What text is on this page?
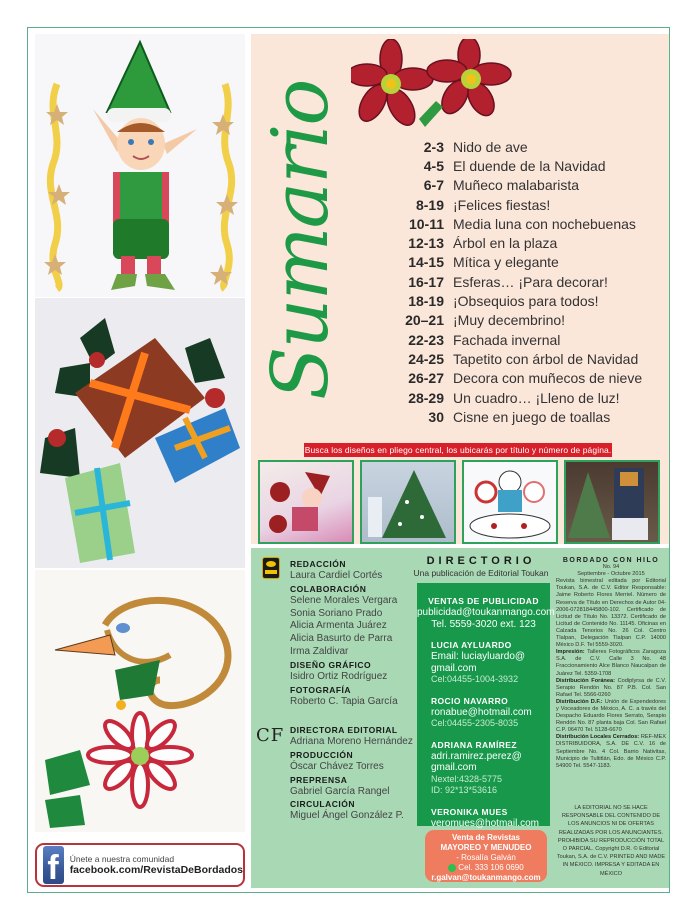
f	Únete a nuestra comunidad
facebook.com/RevistaDeBordados
Sumario	2-3 Nido de ave
4-5 El duende de la Navidad
6-7 Muñeco malabarista
8-19 ¡Felices fiestas!
10-11 Media luna con nochebuenas
12-13 Árbol en la plaza
14-15 Mítica y elegante
16-17 Esferas… ¡Para decorar!
18-19 ¡Obsequios para todos!
20–21 ¡Muy decembrino!
22-23 Fachada invernal
24-25 Tapetito con árbol de Navidad
26-27 Decora con muñecos de nieve
28-29 Un cuadro… ¡Lleno de luz!
30 Cisne en juego de toallas
Busca los diseños en pliego central, los ubicarás por título y número de página.
REDACCIÓN
Laura Cardiel Cortés
COLABORACIÓN
Selene Morales Vergara
Sonia Soriano Prado
Alicia Armenta Juárez
Alicia Basurto de Parra
Irma Zaldivar
DISEÑO GRÁFICO
Isidro Ortiz Rodríguez
FOTOGRAFÍA
Roberto C. Tapia García
CF DIRECTORA EDITORIAL
Adriana Moreno Hernández
PRODUCCIÓN
Óscar Chávez Torres
PREPRENSA
Gabriel García Rangel
CIRCULACIÓN
Miguel Ángel González P.
DIRECTORIO
Una publicación de Editorial Toukan
VENTAS DE PUBLICIDAD
publicidad@toukanmango.com
Tel. 5559-3020 ext. 123
LUCIA AYLUARDO
Email: luciayluardo@
gmail.com
Cel:04455-1004-3932
ROCIO NAVARRO
ronabue@hotmail.com
Cel:04455-2305-8035
ADRIANA RAMÍREZ
adri.ramirez.perez@
gmail.com
Nextel:4328-5775
ID: 92*13*53616
VERONIKA MUES
veromues@hotmail.com
Venta de Revistas
MAYOREO Y MENUDEO
- Rosalía Galván
Cel. 333 106 0690
r.galvan@toukanmango.com
BORDADO CON HILO
No. 94
Septiembre - Octubre 2015
Revista bimestral editada por Editorial Toukan, S.A. de C.V. Editor Responsable: Jaime Roberto Flores Merriel. Número de Reserva de Título en Derechos de Autor 04-2006-072818445800-102. Certificado de Licitud de Título No. 13372. Certificado de Licitud de Contenido No. 11145. Oficinas en Calzada Tenorios No. 26 Col. Centro Tlalpan, Delegación Tlalpan C.P. 14000 México D.F. Tel 5559-3020.
Impresión: Talleres Fotográficos Zaragoza S.A. de C.V. Calle 3 No. 48 Fraccionamiento Alce Blanco Naucalpan de Juárez Tel. 5359-1708
Distribución Foránea: Codiplyrsa de C.V. Serapio Rendón No. 87 P.B. Col. San Rafael Tel. 5566-0260
Distribución D.F.: Unión de Expendedores y Voceadores de México, A. C. a través del Despacho Eduardo Flores Serrato, Serapio Rendón No. 87 planta baja Col. San Rafael C.P. 06470 Tel. 5128-6670
Distribución Locales Cerrados: REF-MEX DISTRIBUIDORA, S.A. DE C.V. 16 de Septiembre No. 4 Col. Barrio Nativitas, Municipio de Tultitlán, Edo. de México C.P. 54900 Tel. 5547-1183.
LA EDITORIAL NO SE HACE RESPONSABLE DEL CONTENIDO DE LOS ANUNCIOS NI DE OFERTAS REALIZADAS POR LOS ANUNCIANTES. PROHIBIDA SU REPRODUCCIÓN TOTAL O PARCIAL. Copyright D.R. © Editorial Toukan, S.A. de C.V. PRINTED AND MADE IN MÉXICO. IMPRESA Y EDITADA EN MÉXICO
